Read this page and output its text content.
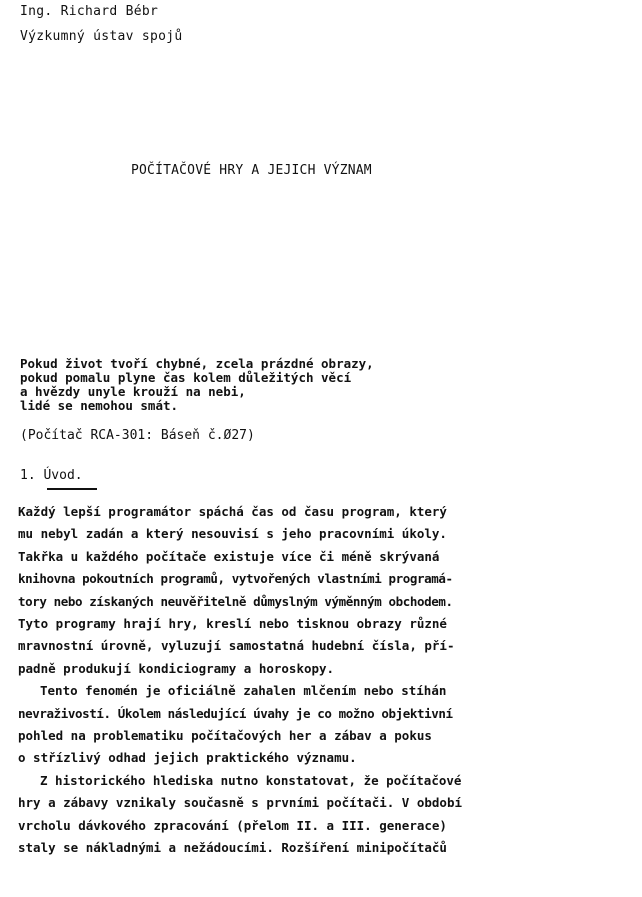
Ing. Richard Bébr
Výzkumný ústav spojů
POČÍTAČOVÉ HRY A JEJICH VÝZNAM
Pokud život tvoří chybné, zcela prázdné obrazy,
pokud pomalu plyne čas kolem důležitých věcí
a hvězdy unyle krouží na nebi,
lidé se nemohou smát.
(Počítač RCA-301: Báseň č.Ø27)
1. Úvod.
Každý lepší programátor spáchá čas od času program, který
mu nebyl zadán a který nesouvisí s jeho pracovními úkoly.
Takřka u každého počítače existuje více či méně skrývaná
knihovna pokoutních programů, vytvořených vlastními programá-
tory nebo získaných neuvěřitelně důmyslným výměnným obchodem.
Tyto programy hrají hry, kreslí nebo tisknou obrazy různé
mravnostní úrovně, vyluzují samostatná hudební čísla, pří-
padně produkují kondiciogramy a horoskopy.
Tento fenomén je oficiálně zahalen mlčením nebo stíhán
nevraživostí. Úkolem následující úvahy je co možno objektivní
pohled na problematiku počítačových her a zábav a pokus
o střízlivý odhad jejich praktického významu.
Z historického hlediska nutno konstatovat, že počítačové
hry a zábavy vznikaly současně s prvními počítači. V období
vrcholu dávkového zpracování (přelom II. a III. generace)
staly se nákladnými a nežádoucími. Rozšíření minipočítačů
